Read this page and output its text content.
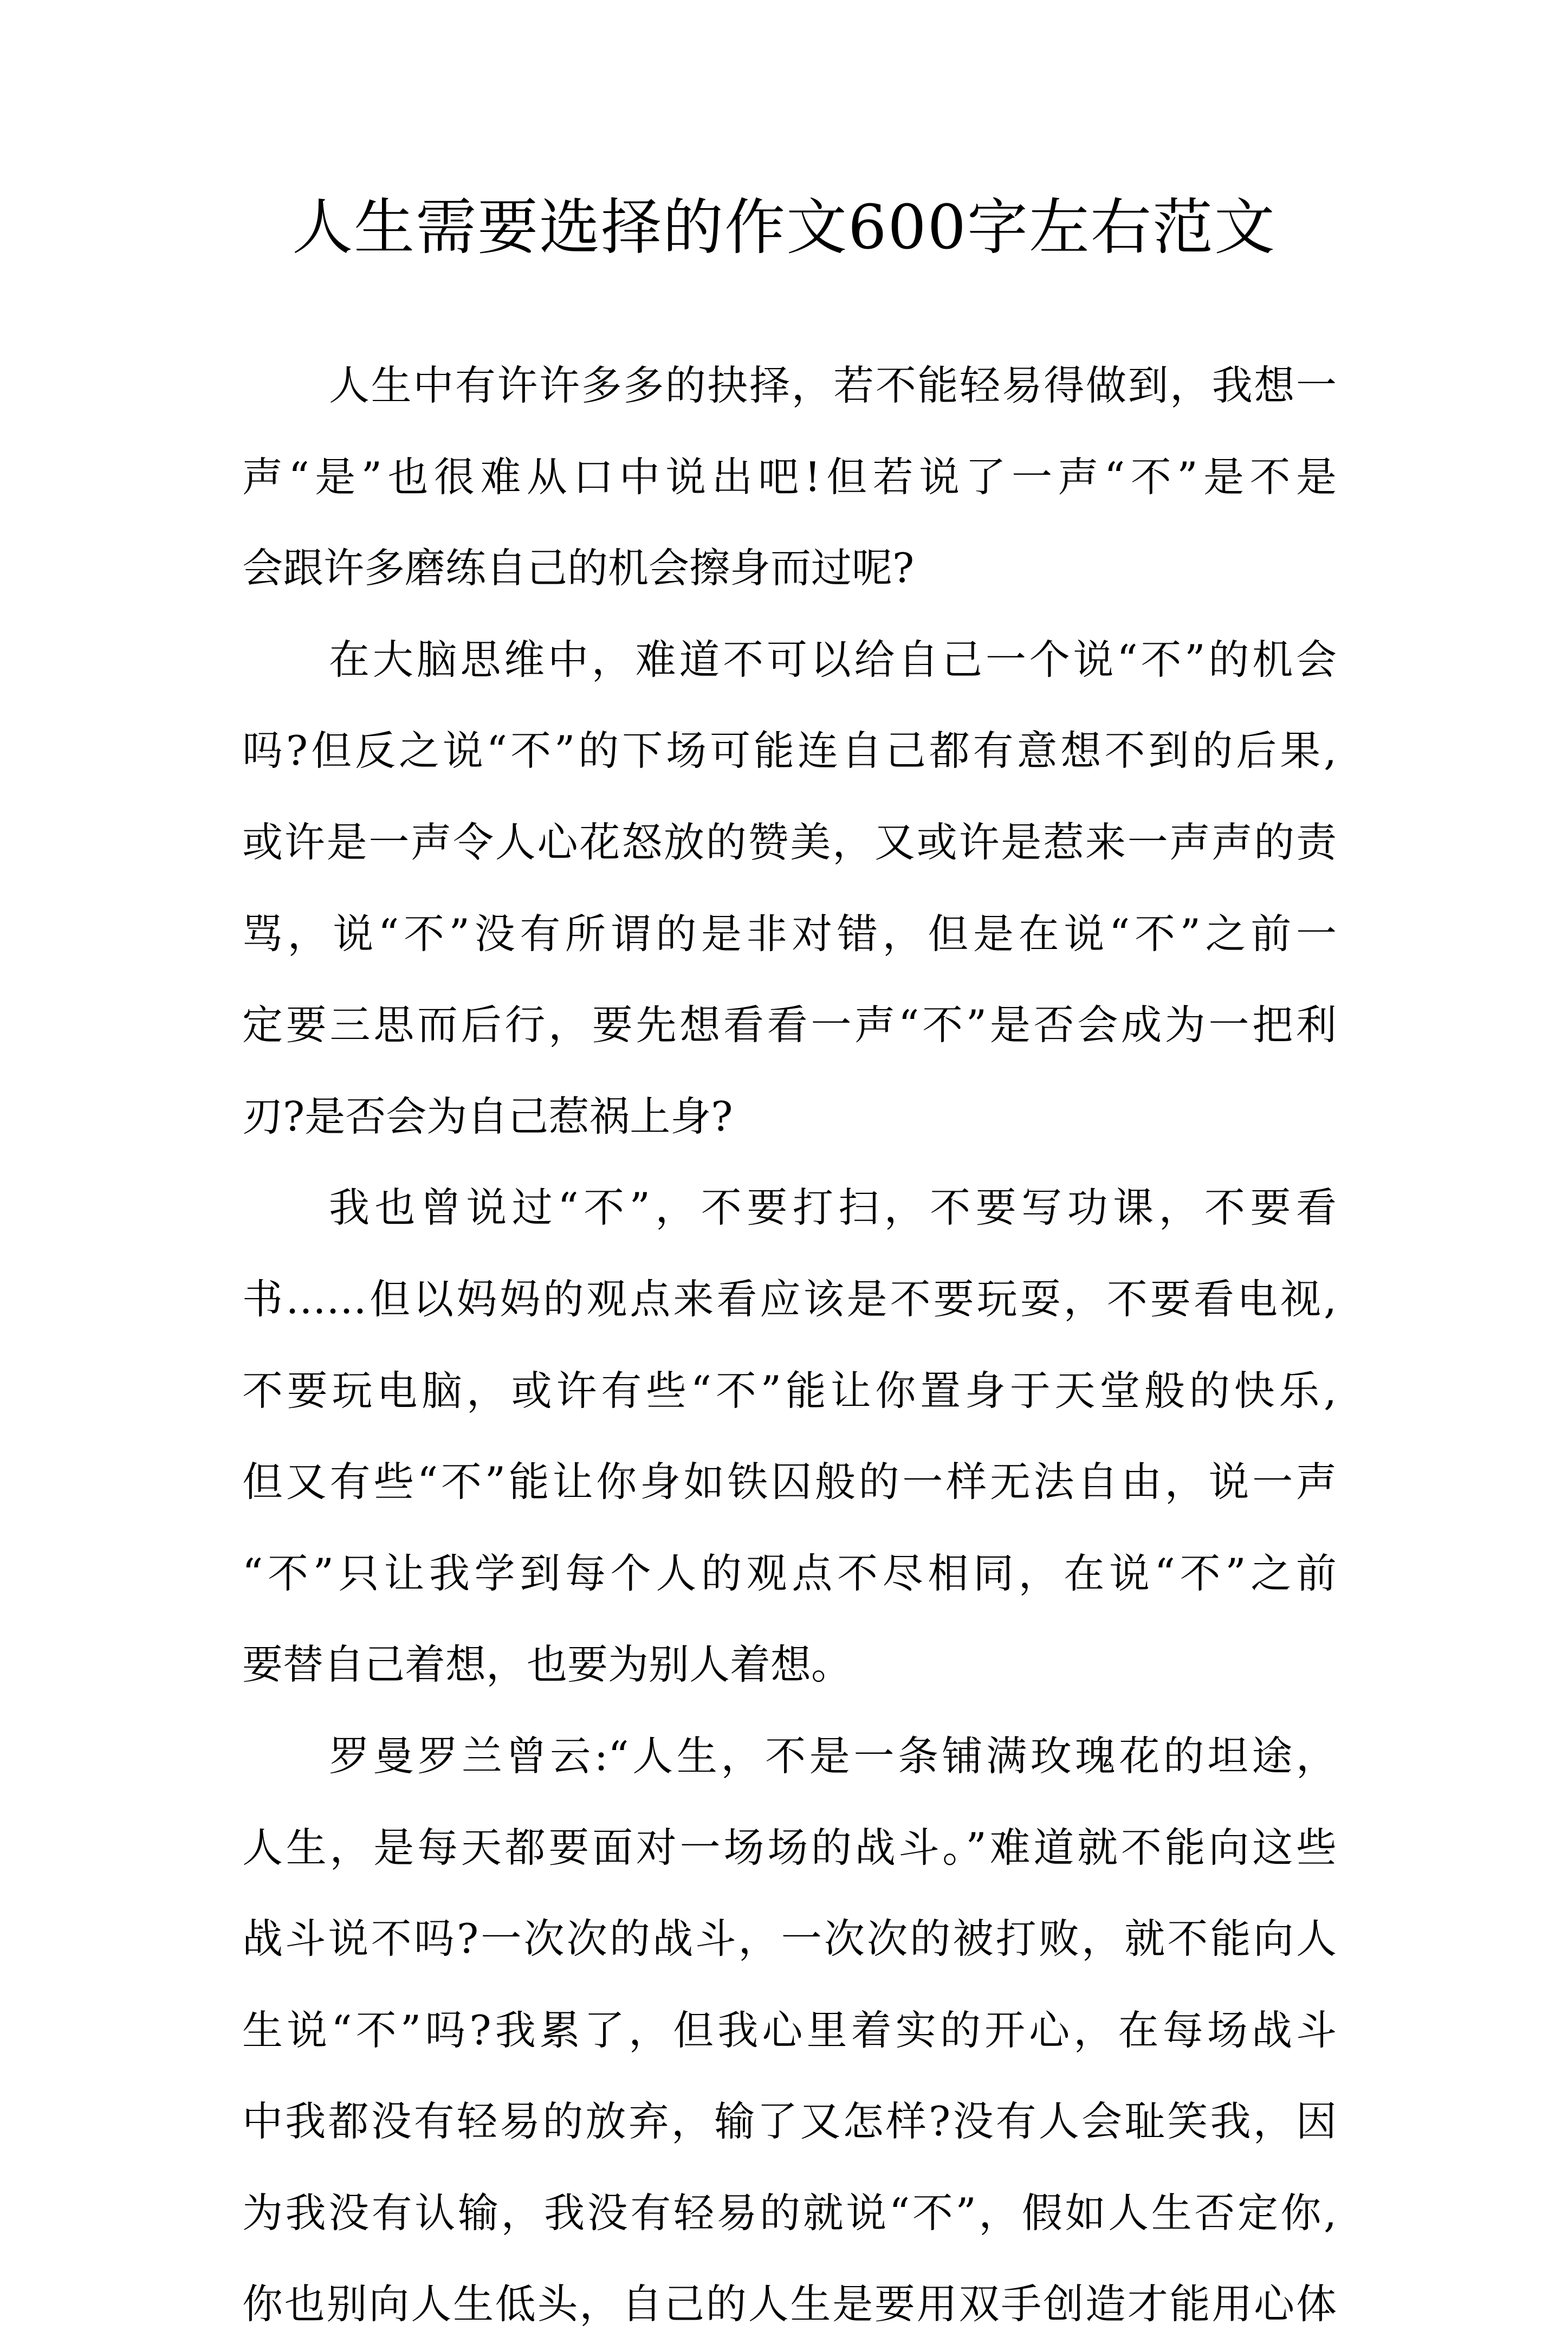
人生需要选择的作文600字左右范文

人生中有许许多多的抉择，若不能轻易得做到，我想一
声“是”也很难从口中说出吧!但若说了一声“不”是不是
会跟许多磨练自己的机会擦身而过呢?

在大脑思维中，难道不可以给自己一个说“不”的机会
吗?但反之说“不”的下场可能连自己都有意想不到的后果,
或许是一声令人心花怒放的赞美，又或许是惹来一声声的责
骂，说“不”没有所谓的是非对错，但是在说“不”之前一
定要三思而后行，要先想看看一声“不”是否会成为一把利
刃?是否会为自己惹祸上身?

我也曾说过“不”，不要打扫，不要写功课，不要看
书……但以妈妈的观点来看应该是不要玩耍，不要看电视,
不要玩电脑，或许有些“不”能让你置身于天堂般的快乐,
但又有些“不”能让你身如铁囚般的一样无法自由，说一声
“不”只让我学到每个人的观点不尽相同，在说“不”之前
要替自己着想，也要为别人着想。

罗曼罗兰曾云:“人生，不是一条铺满玫瑰花的坦途，
人生，是每天都要面对一场场的战斗。”难道就不能向这些
战斗说不吗?一次次的战斗，一次次的被打败，就不能向人
生说“不”吗?我累了，但我心里着实的开心，在每场战斗
中我都没有轻易的放弃，输了又怎样?没有人会耻笑我，因
为我没有认输，我没有轻易的就说“不”，假如人生否定你,
你也别向人生低头，自己的人生是要用双手创造才能用心体
